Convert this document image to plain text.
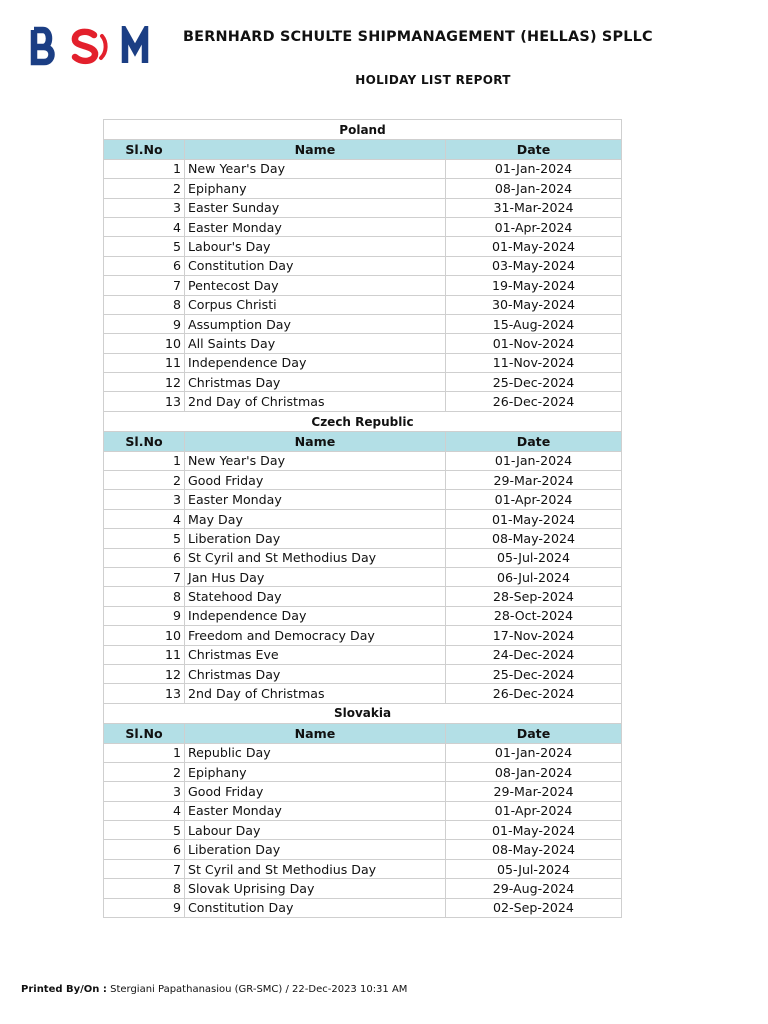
BSM
BERNHARD SCHULTE SHIPMANAGEMENT (HELLAS) SPLLC
HOLIDAY LIST REPORT
Poland		
Sl.No	Name	Date
1	New Year's Day	01-Jan-2024
2	Epiphany	08-Jan-2024
3	Easter Sunday	31-Mar-2024
4	Easter Monday	01-Apr-2024
5	Labour's Day	01-May-2024
6	Constitution Day	03-May-2024
7	Pentecost Day	19-May-2024
8	Corpus Christi	30-May-2024
9	Assumption Day	15-Aug-2024
10	All Saints Day	01-Nov-2024
11	Independence Day	11-Nov-2024
12	Christmas Day	25-Dec-2024
13	2nd Day of Christmas	26-Dec-2024
Czech Republic		
Sl.No	Name	Date
1	New Year's Day	01-Jan-2024
2	Good Friday	29-Mar-2024
3	Easter Monday	01-Apr-2024
4	May Day	01-May-2024
5	Liberation Day	08-May-2024
6	St Cyril and St Methodius Day	05-Jul-2024
7	Jan Hus Day	06-Jul-2024
8	Statehood Day	28-Sep-2024
9	Independence Day	28-Oct-2024
10	Freedom and Democracy Day	17-Nov-2024
11	Christmas Eve	24-Dec-2024
12	Christmas Day	25-Dec-2024
13	2nd Day of Christmas	26-Dec-2024
Slovakia		
Sl.No	Name	Date
1	Republic Day	01-Jan-2024
2	Epiphany	08-Jan-2024
3	Good Friday	29-Mar-2024
4	Easter Monday	01-Apr-2024
5	Labour Day	01-May-2024
6	Liberation Day	08-May-2024
7	St Cyril and St Methodius Day	05-Jul-2024
8	Slovak Uprising Day	29-Aug-2024
9	Constitution Day	02-Sep-2024
Printed By/On : Stergiani Papathanasiou (GR-SMC) / 22-Dec-2023 10:31 AM
